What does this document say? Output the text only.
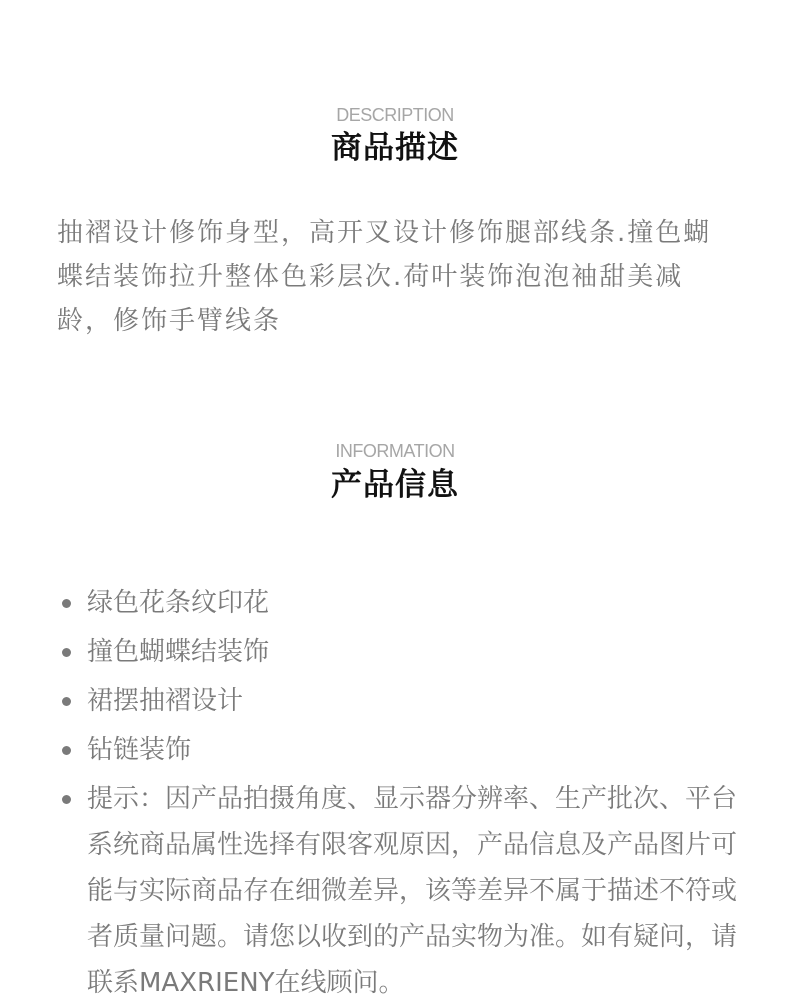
DESCRIPTION
商品描述

抽褶设计修饰身型，高开叉设计修饰腿部线条.撞色蝴蝶结装饰拉升整体色彩层次.荷叶装饰泡泡袖甜美减龄，修饰手臂线条

INFORMATION
产品信息
绿色花条纹印花
撞色蝴蝶结装饰
裙摆抽褶设计
钻链装饰
提示：因产品拍摄角度、显示器分辨率、生产批次、平台系统商品属性选择有限客观原因，产品信息及产品图片可能与实际商品存在细微差异，该等差异不属于描述不符或者质量问题。请您以收到的产品实物为准。如有疑问，请联系MAXRIENY在线顾问。
